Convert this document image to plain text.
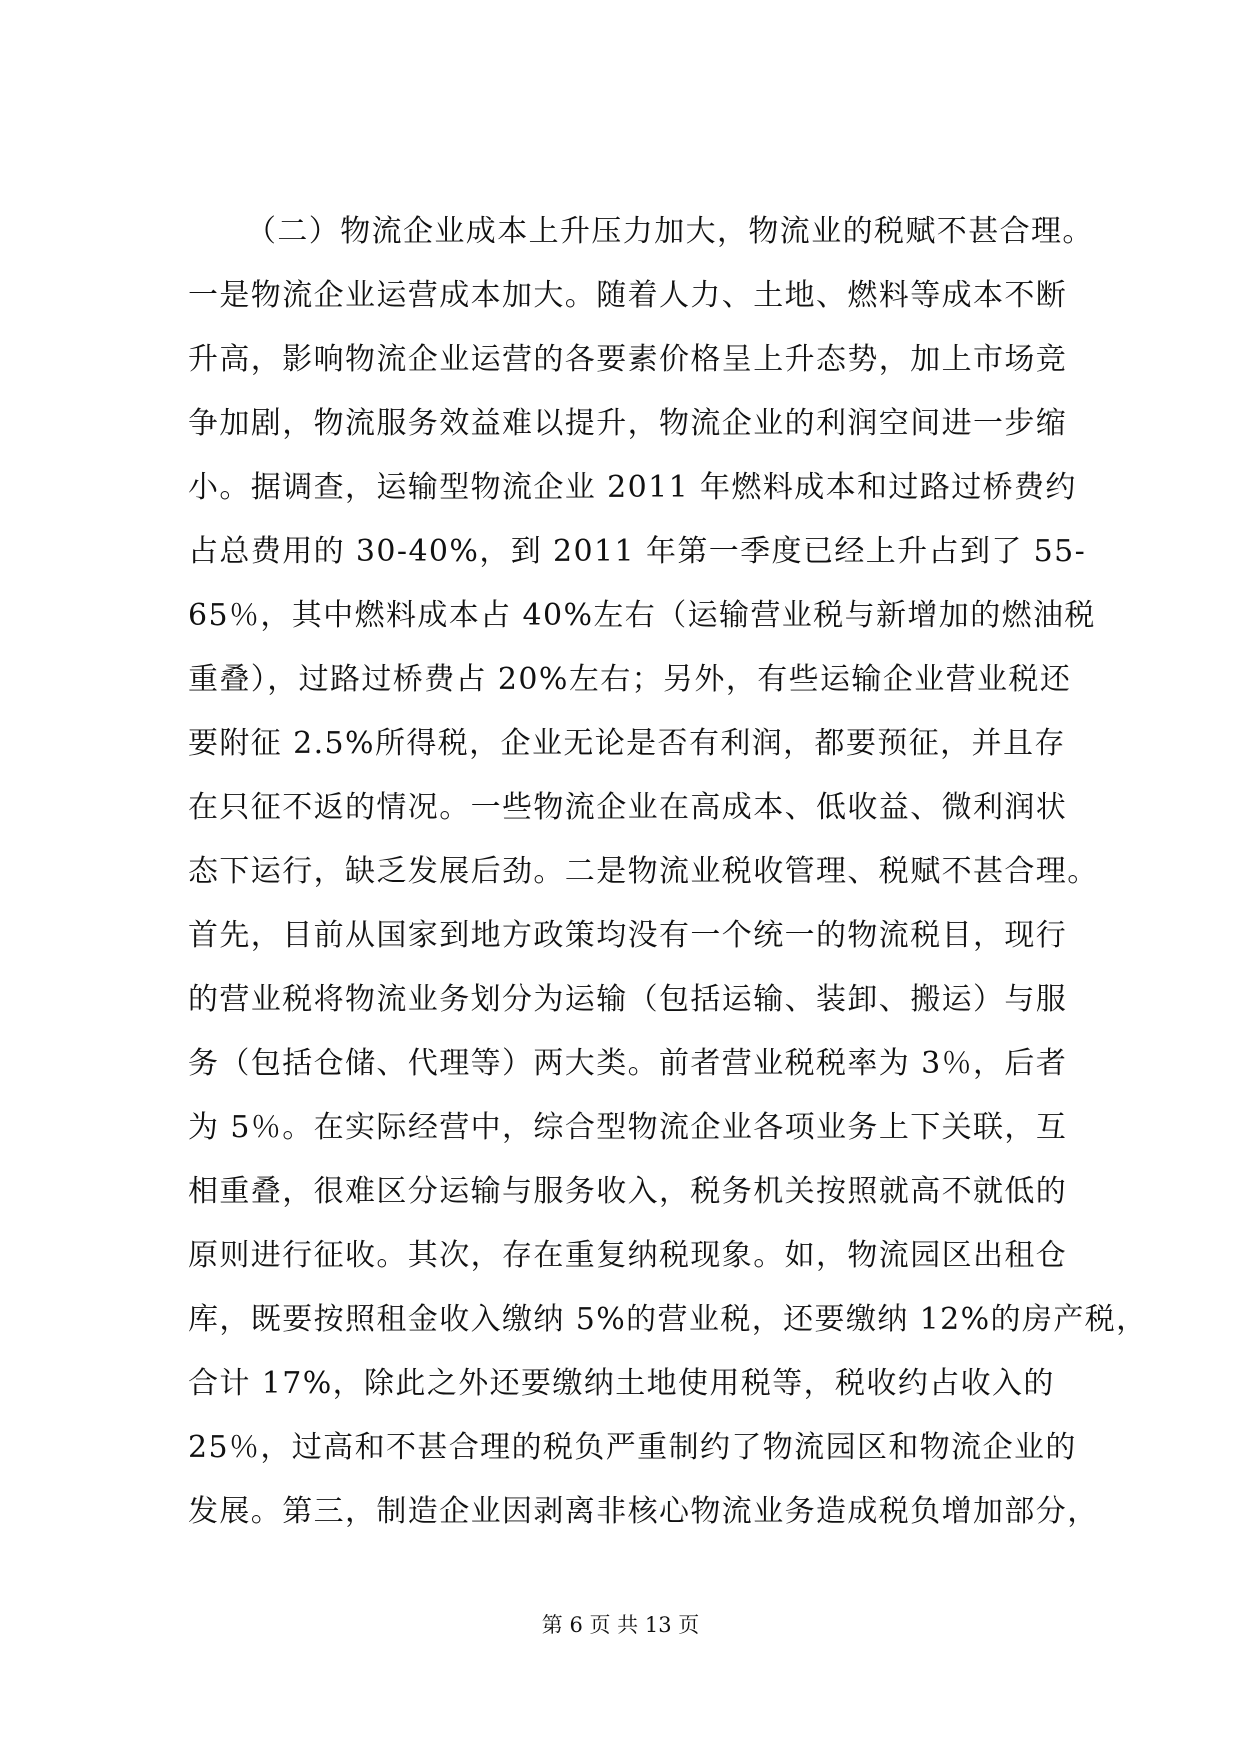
（二）物流企业成本上升压力加大，物流业的税赋不甚合理。
一是物流企业运营成本加大。随着人力、土地、燃料等成本不断
升高，影响物流企业运营的各要素价格呈上升态势，加上市场竞
争加剧，物流服务效益难以提升，物流企业的利润空间进一步缩
小。据调查，运输型物流企业 2011 年燃料成本和过路过桥费约
占总费用的 30-40%，到 2011 年第一季度已经上升占到了 55-
65％，其中燃料成本占 40%左右（运输营业税与新增加的燃油税
重叠），过路过桥费占 20%左右；另外，有些运输企业营业税还
要附征 2.5%所得税，企业无论是否有利润，都要预征，并且存
在只征不返的情况。一些物流企业在高成本、低收益、微利润状
态下运行，缺乏发展后劲。二是物流业税收管理、税赋不甚合理。
首先，目前从国家到地方政策均没有一个统一的物流税目，现行
的营业税将物流业务划分为运输（包括运输、装卸、搬运）与服
务（包括仓储、代理等）两大类。前者营业税税率为 3％，后者
为 5％。在实际经营中，综合型物流企业各项业务上下关联，互
相重叠，很难区分运输与服务收入，税务机关按照就高不就低的
原则进行征收。其次，存在重复纳税现象。如，物流园区出租仓
库，既要按照租金收入缴纳 5%的营业税，还要缴纳 12%的房产税，
合计 17%，除此之外还要缴纳土地使用税等，税收约占收入的
25％，过高和不甚合理的税负严重制约了物流园区和物流企业的
发展。第三，制造企业因剥离非核心物流业务造成税负增加部分，
第 6 页 共 13 页
